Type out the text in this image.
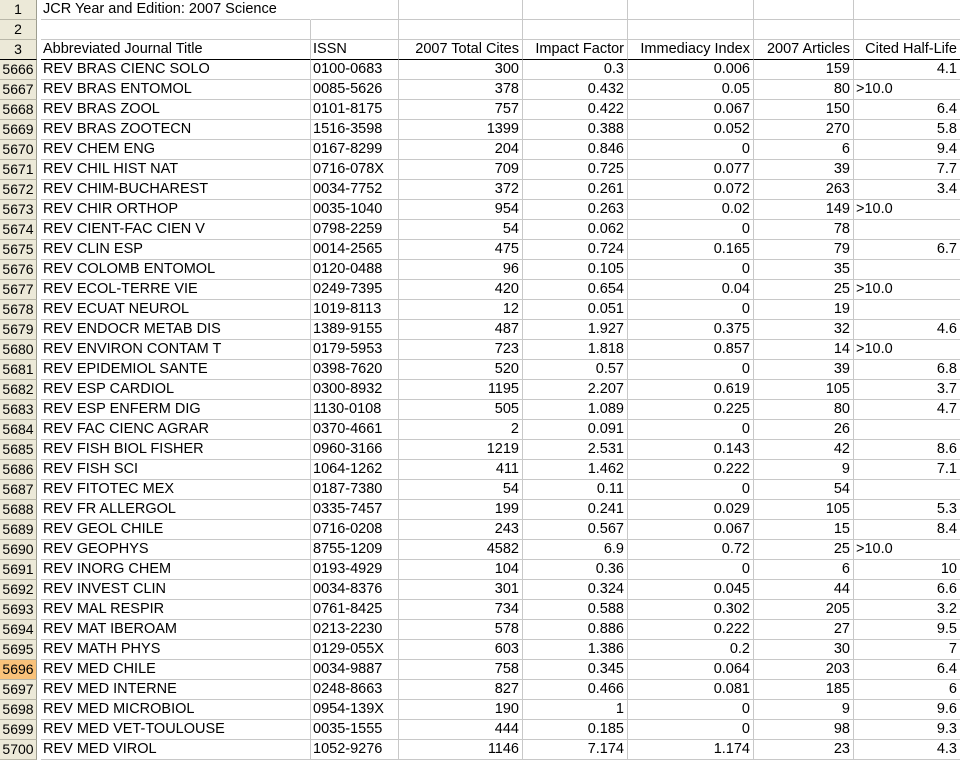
1	JCR Year and Edition: 2007 Science
2
3	Abbreviated Journal Title	ISSN	2007 Total Cites	Impact Factor	Immediacy Index	2007 Articles	Cited Half-Life
5666 REV BRAS CIENC SOLO	0100-0683	300	0.3	0.006	159	4.1
5667 REV BRAS ENTOMOL	0085-5626	378	0.432	0.05	80 >10.0
5668 REV BRAS ZOOL	0101-8175	757	0.422	0.067	150	6.4
5669 REV BRAS ZOOTECN	1516-3598	1399	0.388	0.052	270	5.8
5670 REV CHEM ENG	0167-8299	204	0.846	0	6	9.4
5671 REV CHIL HIST NAT	0716-078X	709	0.725	0.077	39	7.7
5672 REV CHIM-BUCHAREST	0034-7752	372	0.261	0.072	263	3.4
5673 REV CHIR ORTHOP	0035-1040	954	0.263	0.02	149 >10.0
5674 REV CIENT-FAC CIEN V	0798-2259	54	0.062	0	78
5675 REV CLIN ESP	0014-2565	475	0.724	0.165	79	6.7
5676 REV COLOMB ENTOMOL	0120-0488	96	0.105	0	35
5677 REV ECOL-TERRE VIE	0249-7395	420	0.654	0.04	25 >10.0
5678 REV ECUAT NEUROL	1019-8113	12	0.051	0	19
5679 REV ENDOCR METAB DIS	1389-9155	487	1.927	0.375	32	4.6
5680 REV ENVIRON CONTAM T	0179-5953	723	1.818	0.857	14 >10.0
5681 REV EPIDEMIOL SANTE	0398-7620	520	0.57	0	39	6.8
5682 REV ESP CARDIOL	0300-8932	1195	2.207	0.619	105	3.7
5683 REV ESP ENFERM DIG	1130-0108	505	1.089	0.225	80	4.7
5684 REV FAC CIENC AGRAR	0370-4661	2	0.091	0	26
5685 REV FISH BIOL FISHER	0960-3166	1219	2.531	0.143	42	8.6
5686 REV FISH SCI	1064-1262	411	1.462	0.222	9	7.1
5687 REV FITOTEC MEX	0187-7380	54	0.11	0	54
5688 REV FR ALLERGOL	0335-7457	199	0.241	0.029	105	5.3
5689 REV GEOL CHILE	0716-0208	243	0.567	0.067	15	8.4
5690 REV GEOPHYS	8755-1209	4582	6.9	0.72	25 >10.0
5691 REV INORG CHEM	0193-4929	104	0.36	0	6	10
5692 REV INVEST CLIN	0034-8376	301	0.324	0.045	44	6.6
5693 REV MAL RESPIR	0761-8425	734	0.588	0.302	205	3.2
5694 REV MAT IBEROAM	0213-2230	578	0.886	0.222	27	9.5
5695 REV MATH PHYS	0129-055X	603	1.386	0.2	30	7
5696 REV MED CHILE	0034-9887	758	0.345	0.064	203	6.4
5697 REV MED INTERNE	0248-8663	827	0.466	0.081	185	6
5698 REV MED MICROBIOL	0954-139X	190	1	0	9	9.6
5699 REV MED VET-TOULOUSE	0035-1555	444	0.185	0	98	9.3
5700 REV MED VIROL	1052-9276	1146	7.174	1.174	23	4.3
